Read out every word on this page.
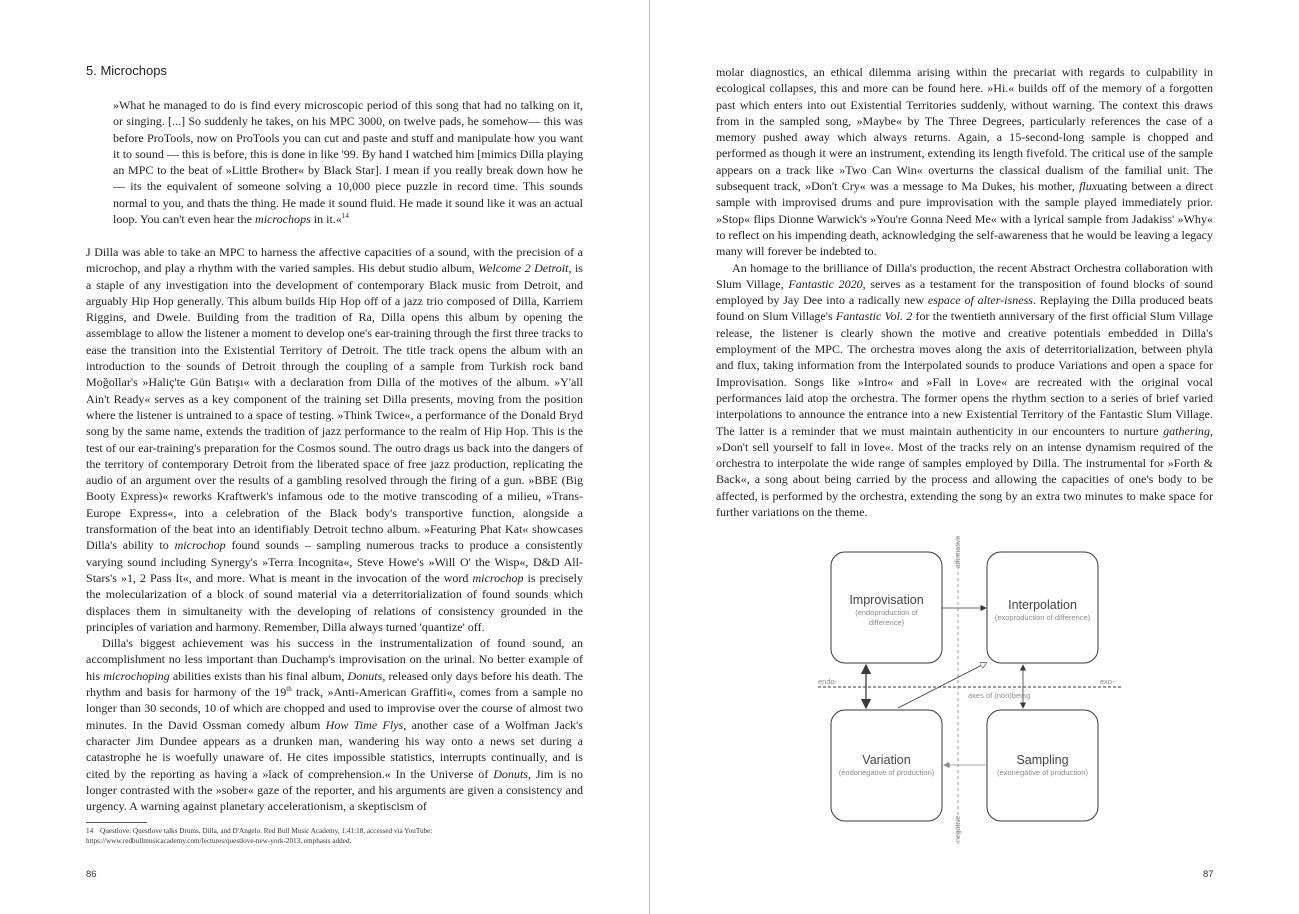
5. Microchops

»What he managed to do is find every microscopic period of this song that had no talking on it, or singing. [...] So suddenly he takes, on his MPC 3000, on twelve pads, he somehow— this was before ProTools, now on ProTools you can cut and paste and stuff and manipulate how you want it to sound — this is before, this is done in like '99. By hand I watched him [mimics Dilla playing an MPC to the beat of »Little Brother« by Black Star]. I mean if you really break down how he— its the equivalent of someone solving a 10,000 piece puzzle in record time. This sounds normal to you, and thats the thing. He made it sound fluid. He made it sound like it was an actual loop. You can't even hear the microchops in it.«$^{14}$

J Dilla was able to take an MPC to harness the affective capacities of a sound, with the precision of a microchop, and play a rhythm with the varied samples. His debut studio album, Welcome 2 Detroit, is a staple of any investigation into the development of contemporary Black music from Detroit, and arguably Hip Hop generally. This album builds Hip Hop off of a jazz trio composed of Dilla, Karriem Riggins, and Dwele. Building from the tradition of Ra, Dilla opens this album by opening the assemblage to allow the listener a moment to develop one's ear-training through the first three tracks to ease the transition into the Existential Territory of Detroit. The title track opens the album with an introduction to the sounds of Detroit through the coupling of a sample from Turkish rock band Moğollar's »Haliç'te Gün Batışı« with a declaration from Dilla of the motives of the album. »Y'all Ain't Ready« serves as a key component of the training set Dilla presents, moving from the position where the listener is untrained to a space of testing. »Think Twice«, a performance of the Donald Bryd song by the same name, extends the tradition of jazz performance to the realm of Hip Hop. This is the test of our ear-training's preparation for the Cosmos sound. The outro drags us back into the dangers of the territory of contemporary Detroit from the liberated space of free jazz production, replicating the audio of an argument over the results of a gambling resolved through the firing of a gun. »BBE (Big Booty Express)« reworks Kraftwerk's infamous ode to the motive transcoding of a milieu, »Trans-Europe Express«, into a celebration of the Black body's transportive function, alongside a transformation of the beat into an identifiably Detroit techno album. »Featuring Phat Kat« showcases Dilla's ability to microchop found sounds – sampling numerous tracks to produce a consistently varying sound including Synergy's »Terra Incognita«, Steve Howe's »Will O' the Wisp«, D&D All-Stars's »1, 2 Pass It«, and more. What is meant in the invocation of the word microchop is precisely the molecularization of a block of sound material via a deterritorialization of found sounds which displaces them in simultaneity with the developing of relations of consistency grounded in the principles of variation and harmony. Remember, Dilla always turned 'quantize' off.

Dilla's biggest achievement was his success in the instrumentalization of found sound, an accomplishment no less important than Duchamp's improvisation on the urinal. No better example of his microchoping abilities exists than his final album, Donuts, released only days before his death. The rhythm and basis for harmony of the 19th track, »Anti-American Graffiti«, comes from a sample no longer than 30 seconds, 10 of which are chopped and used to improvise over the course of almost two minutes. In the David Ossman comedy album How Time Flys, another case of a Wolfman Jack's character Jim Dundee appears as a drunken man, wandering his way onto a news set during a catastrophe he is woefully unaware of. He cites impossible statistics, interrupts continually, and is cited by the reporting as having a »lack of comprehension.« In the Universe of Donuts, Jim is no longer contrasted with the »sober« gaze of the reporter, and his arguments are given a consistency and urgency. A warning against planetary accelerationism, a skeptiscism of

14 Questlove: Questlove talks Drums, Dilla, and D'Angelo. Red Bull Music Academy, 1:41:18, accessed via YouTube: https://www.redbullmusicacademy.com/lectures/questlove-new-york-2013, emphasis added.
86

molar diagnostics, an ethical dilemma arising within the precariat with regards to culpability in ecological collapses, this and more can be found here. »Hi.« builds off of the memory of a forgotten past which enters into out Existential Territories suddenly, without warning. The context this draws from in the sampled song, »Maybe« by The Three Degrees, particularly references the case of a memory pushed away which always returns. Again, a 15-second-long sample is chopped and performed as though it were an instrument, extending its length fivefold. The critical use of the sample appears on a track like »Two Can Win« overturns the classical dualism of the familial unit. The subsequent track, »Don't Cry« was a message to Ma Dukes, his mother, fluxuating between a direct sample with improvised drums and pure improvisation with the sample played immediately prior. »Stop« flips Dionne Warwick's »You're Gonna Need Me« with a lyrical sample from Jadakiss' »Why« to reflect on his impending death, acknowledging the self-awareness that he would be leaving a legacy many will forever be indebted to.

An homage to the brilliance of Dilla's production, the recent Abstract Orchestra collaboration with Slum Village, Fantastic 2020, serves as a testament for the transposition of found blocks of sound employed by Jay Dee into a radically new espace of alter-isness. Replaying the Dilla produced beats found on Slum Village's Fantastic Vol. 2 for the twentieth anniversary of the first official Slum Village release, the listener is clearly shown the motive and creative potentials embedded in Dilla's employment of the MPC. The orchestra moves along the axis of deterritorialization, between phyla and flux, taking information from the Interpolated sounds to produce Variations and open a space for Improvisation. Songs like »Intro« and »Fall in Love« are recreated with the original vocal performances laid atop the orchestra. The former opens the rhythm section to a series of brief varied interpolations to announce the entrance into a new Existential Territory of the Fantastic Slum Village. The latter is a reminder that we must maintain authenticity in our encounters to nurture gathering, »Don't sell yourself to fall in love«. Most of the tracks rely on an intense dynamism required of the orchestra to interpolate the wide range of samples employed by Dilla. The instrumental for »Forth & Back«, a song about being carried by the process and allowing the capacities of one's body to be affected, is performed by the orchestra, extending the song by an extra two minutes to make space for further variations on the theme.

affirmative
negative
endo-	exo-
axes of (non)being
Improvisation
(endoproduction of
difference)
Interpolation
(exoproduction of difference)
Variation
(endonegative of production)
Sampling
(exonegative of production)
87
